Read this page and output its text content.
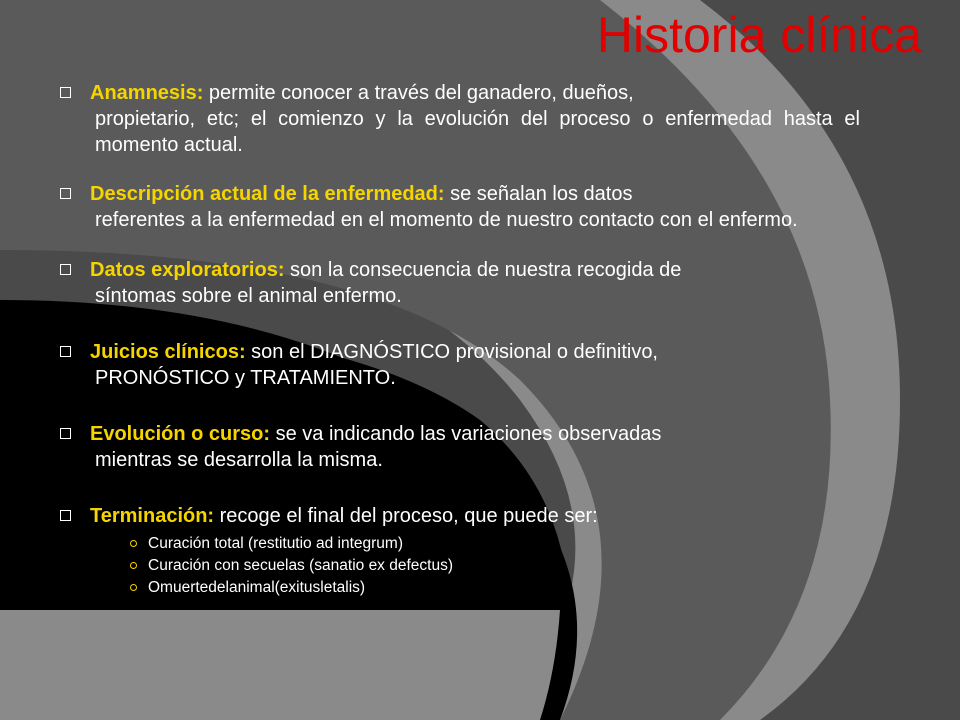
Historia clínica
Anamnesis: permite conocer a través del ganadero, dueños,
propietario, etc; el comienzo y la evolución del proceso o enfermedad hasta el momento actual.
Descripción actual de la enfermedad: se señalan los datos
referentes a la enfermedad en el momento de nuestro contacto con el enfermo.
Datos exploratorios: son la consecuencia de nuestra recogida de
síntomas sobre el animal enfermo.
Juicios clínicos: son el DIAGNÓSTICO provisional o definitivo,
PRONÓSTICO y TRATAMIENTO.
Evolución o curso: se va indicando las variaciones observadas
mientras se desarrolla la misma.
Terminación: recoge el final del proceso, que puede ser:
Curación total (restitutio ad integrum)
Curación con secuelas (sanatio ex defectus)
Omuertedelanimal(exitusletalis)
